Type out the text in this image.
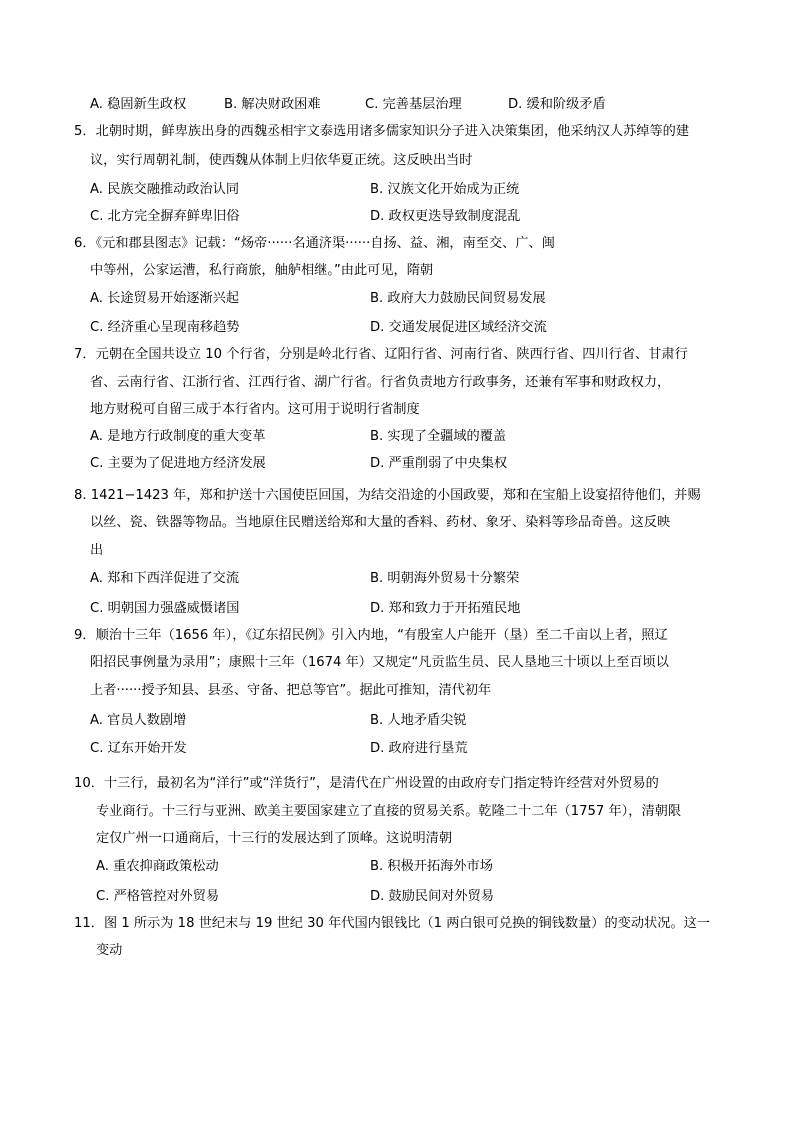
A. 稳固新生政权	B. 解决财政困难	C. 完善基层治理	D. 缓和阶级矛盾
5．北朝时期，鲜卑族出身的西魏丞相宇文泰选用诸多儒家知识分子进入决策集团，他采纳汉人苏绰等的建
议，实行周朝礼制，使西魏从体制上归依华夏正统。这反映出当时
A. 民族交融推动政治认同	B. 汉族文化开始成为正统
C. 北方完全摒弃鲜卑旧俗	D. 政权更迭导致制度混乱
6．《元和郡县图志》记载：“炀帝······名通济渠······自扬、益、湘，南至交、广、闽
中等州，公家运漕，私行商旅，舳舻相继。”由此可见，隋朝
A. 长途贸易开始逐渐兴起	B. 政府大力鼓励民间贸易发展
C. 经济重心呈现南移趋势	D. 交通发展促进区域经济交流
7．元朝在全国共设立 10 个行省，分别是岭北行省、辽阳行省、河南行省、陕西行省、四川行省、甘肃行
省、云南行省、江浙行省、江西行省、湖广行省。行省负责地方行政事务，还兼有军事和财政权力，
地方财税可自留三成于本行省内。这可用于说明行省制度
A. 是地方行政制度的重大变革	B. 实现了全疆域的覆盖
C. 主要为了促进地方经济发展	D. 严重削弱了中央集权
8. 1421−1423 年，郑和护送十六国使臣回国，为结交沿途的小国政要，郑和在宝船上设宴招待他们，并赐
以丝、瓷、铁器等物品。当地原住民赠送给郑和大量的香料、药材、象牙、染料等珍品奇兽。这反映
出
A. 郑和下西洋促进了交流	B. 明朝海外贸易十分繁荣
C. 明朝国力强盛威慑诸国	D. 郑和致力于开拓殖民地
9．顺治十三年（1656 年），《辽东招民例》引入内地，“有殷室人户能开（垦）至二千亩以上者，照辽
阳招民事例量为录用”；康熙十三年（1674 年）又规定“凡贡监生员、民人垦地三十顷以上至百顷以
上者······授予知县、县丞、守备、把总等官”。据此可推知，清代初年
A. 官员人数剧增	B. 人地矛盾尖锐
C. 辽东开始开发	D. 政府进行垦荒
10．十三行，最初名为“洋行”或“洋货行”，是清代在广州设置的由政府专门指定特许经营对外贸易的
专业商行。十三行与亚洲、欧美主要国家建立了直接的贸易关系。乾隆二十二年（1757 年），清朝限
定仅广州一口通商后，十三行的发展达到了顶峰。这说明清朝
A. 重农抑商政策松动	B. 积极开拓海外市场
C. 严格管控对外贸易	D. 鼓励民间对外贸易
11．图 1 所示为 18 世纪末与 19 世纪 30 年代国内银钱比（1 两白银可兑换的铜钱数量）的变动状况。这一
变动
